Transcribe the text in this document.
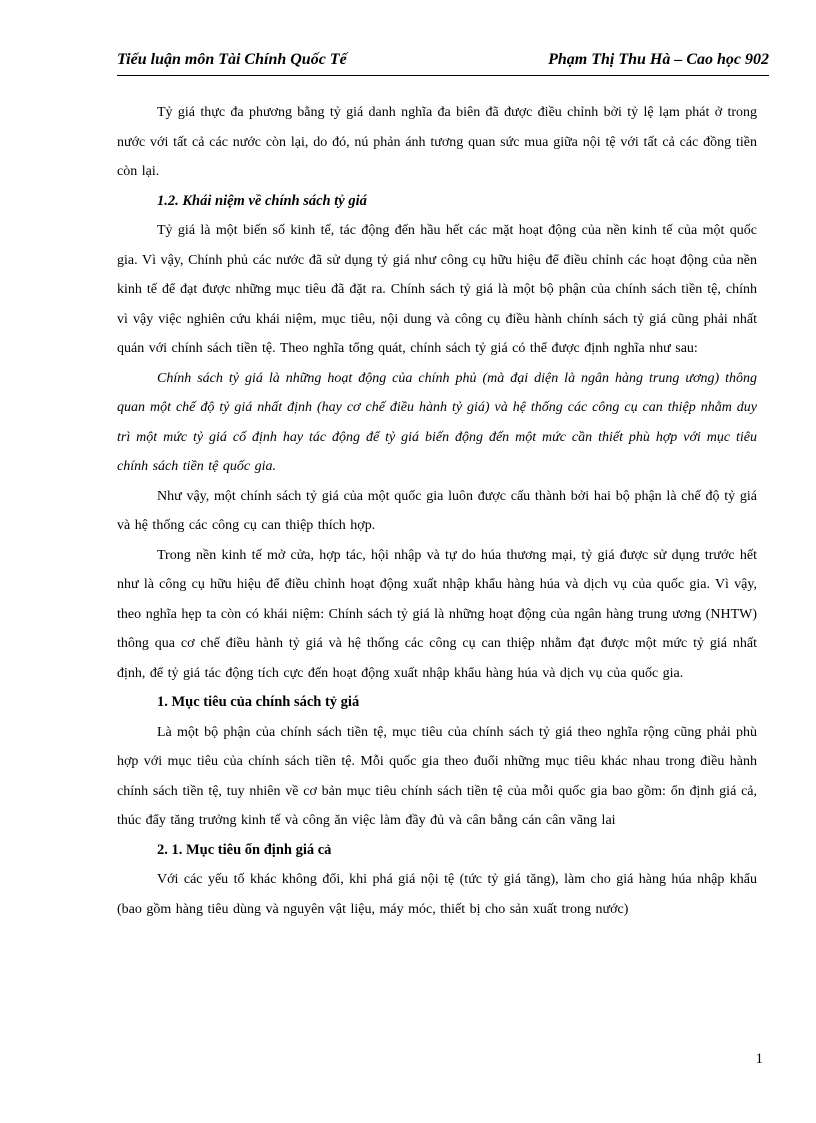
Tiểu luận môn Tài Chính Quốc Tế	Phạm Thị Thu Hà – Cao học 902

Tỷ giá thực đa phương bằng tỷ giá danh nghĩa đa biên đã được điều chỉnh bởi tỷ lệ lạm phát ở trong nước với tất cả các nước còn lại, do đó, nú phản ánh tương quan sức mua giữa nội tệ với tất cả các đồng tiền còn lại.

1.2. Khái niệm về chính sách tỷ giá

Tỷ giá là một biến số kinh tế, tác động đến hầu hết các mặt hoạt động của nền kinh tế của một quốc gia. Vì vậy, Chính phủ các nước đã sử dụng tỷ giá như công cụ hữu hiệu để điều chỉnh các hoạt động của nền kinh tế để đạt được những mục tiêu đã đặt ra. Chính sách tỷ giá là một bộ phận của chính sách tiền tệ, chính vì vậy việc nghiên cứu khái niệm, mục tiêu, nội dung và công cụ điều hành chính sách tỷ giá cũng phải nhất quán với chính sách tiền tệ. Theo nghĩa tổng quát, chính sách tỷ giá có thể được định nghĩa như sau:

Chính sách tỷ giá là những hoạt động của chính phủ (mà đại diện là ngân hàng trung ương) thông quan một chế độ tỷ giá nhất định (hay cơ chế điều hành tỷ giá) và hệ thống các công cụ can thiệp nhằm duy trì một mức tỷ giá cố định hay tác động để tỷ giá biến động đến một mức cần thiết phù hợp với mục tiêu chính sách tiền tệ quốc gia.

Như vậy, một chính sách tỷ giá của một quốc gia luôn được cấu thành bởi hai bộ phận là chế độ tỷ giá và hệ thống các công cụ can thiệp thích hợp.

Trong nền kinh tế mở cửa, hợp tác, hội nhập và tự do húa thương mại, tỷ giá được sử dụng trước hết như là công cụ hữu hiệu để điều chỉnh hoạt động xuất nhập khẩu hàng húa và dịch vụ của quốc gia. Vì vậy, theo nghĩa hẹp ta còn có khái niệm: Chính sách tỷ giá là những hoạt động của ngân hàng trung ương (NHTW) thông qua cơ chế điều hành tỷ giá và hệ thống các công cụ can thiệp nhằm đạt được một mức tỷ giá nhất định, để tỷ giá tác động tích cực đến hoạt động xuất nhập khẩu hàng húa và dịch vụ của quốc gia.

1. Mục tiêu của chính sách tỷ giá

Là một bộ phận của chính sách tiền tệ, mục tiêu của chính sách tỷ giá theo nghĩa rộng cũng phải phù hợp với mục tiêu của chính sách tiền tệ. Mỗi quốc gia theo đuổi những mục tiêu khác nhau trong điều hành chính sách tiền tệ, tuy nhiên về cơ bản mục tiêu chính sách tiền tệ của mỗi quốc gia bao gồm: ổn định giá cả, thúc đẩy tăng trưởng kinh tế và công ăn việc làm đầy đủ và cân bằng cán cân vãng lai

2. 1. Mục tiêu ổn định giá cả

Với các yếu tố khác không đổi, khi phá giá nội tệ (tức tỷ giá tăng), làm cho giá hàng húa nhập khẩu (bao gồm hàng tiêu dùng và nguyên vật liệu, máy móc, thiết bị cho sản xuất trong nước)

1
